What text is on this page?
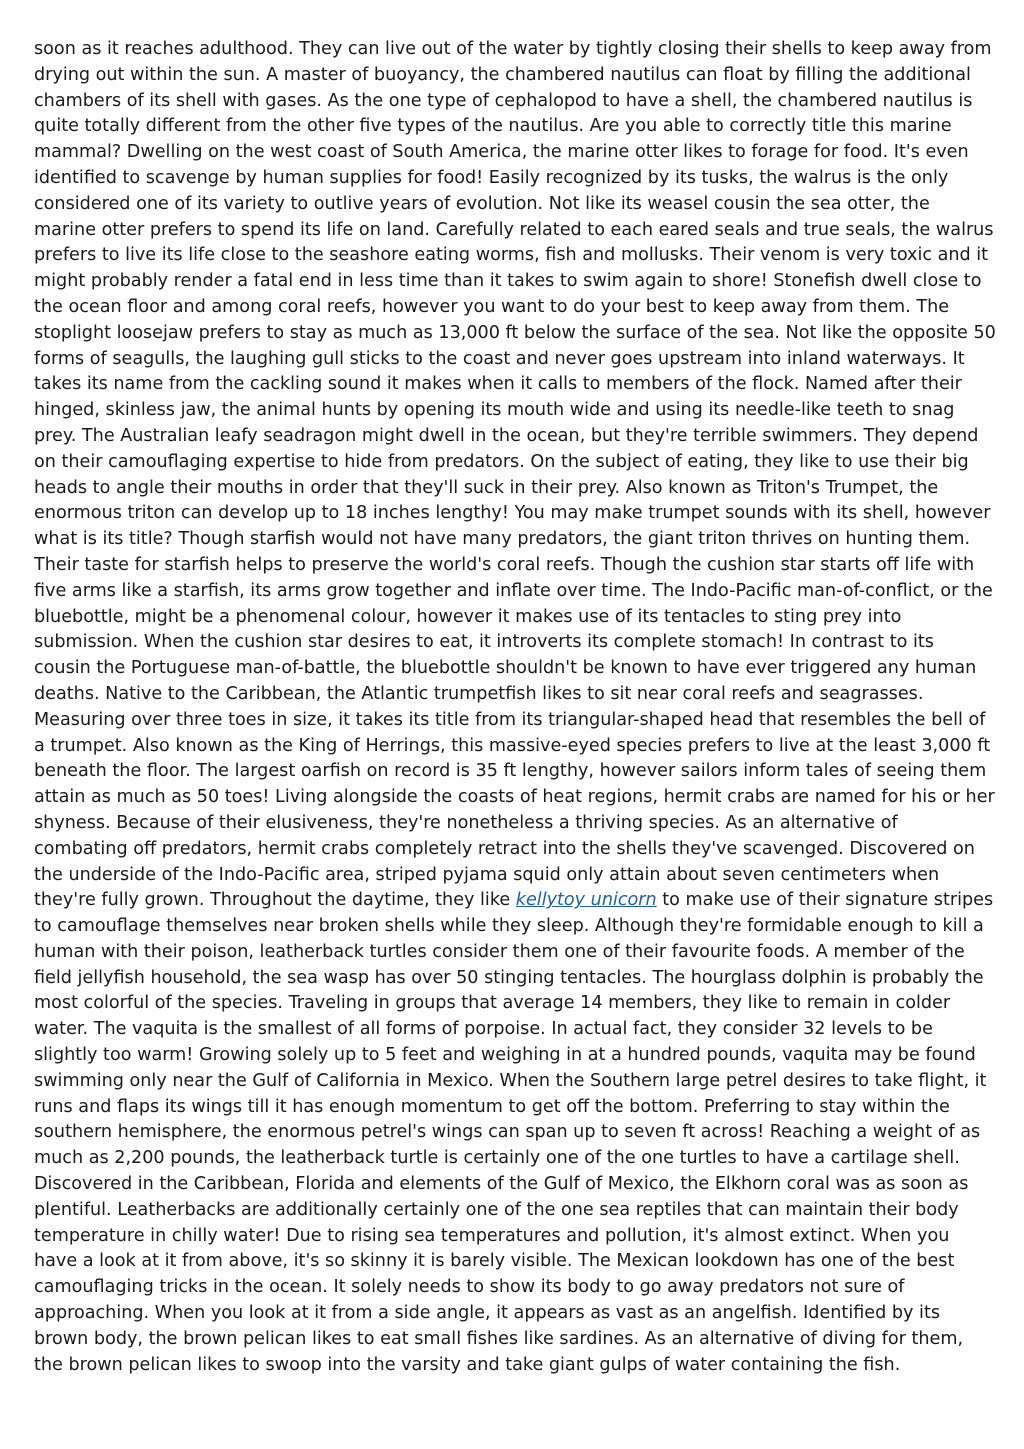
soon as it reaches adulthood. They can live out of the water by tightly closing their shells to keep away from drying out within the sun. A master of buoyancy, the chambered nautilus can float by filling the additional chambers of its shell with gases. As the one type of cephalopod to have a shell, the chambered nautilus is quite totally different from the other five types of the nautilus. Are you able to correctly title this marine mammal? Dwelling on the west coast of South America, the marine otter likes to forage for food. It's even identified to scavenge by human supplies for food! Easily recognized by its tusks, the walrus is the only considered one of its variety to outlive years of evolution. Not like its weasel cousin the sea otter, the marine otter prefers to spend its life on land. Carefully related to each eared seals and true seals, the walrus prefers to live its life close to the seashore eating worms, fish and mollusks. Their venom is very toxic and it might probably render a fatal end in less time than it takes to swim again to shore! Stonefish dwell close to the ocean floor and among coral reefs, however you want to do your best to keep away from them. The stoplight loosejaw prefers to stay as much as 13,000 ft below the surface of the sea. Not like the opposite 50 forms of seagulls, the laughing gull sticks to the coast and never goes upstream into inland waterways. It takes its name from the cackling sound it makes when it calls to members of the flock. Named after their hinged, skinless jaw, the animal hunts by opening its mouth wide and using its needle-like teeth to snag prey. The Australian leafy seadragon might dwell in the ocean, but they're terrible swimmers. They depend on their camouflaging expertise to hide from predators. On the subject of eating, they like to use their big heads to angle their mouths in order that they'll suck in their prey. Also known as Triton's Trumpet, the enormous triton can develop up to 18 inches lengthy! You may make trumpet sounds with its shell, however what is its title? Though starfish would not have many predators, the giant triton thrives on hunting them. Their taste for starfish helps to preserve the world's coral reefs. Though the cushion star starts off life with five arms like a starfish, its arms grow together and inflate over time. The Indo-Pacific man-of-conflict, or the bluebottle, might be a phenomenal colour, however it makes use of its tentacles to sting prey into submission. When the cushion star desires to eat, it introverts its complete stomach! In contrast to its cousin the Portuguese man-of-battle, the bluebottle shouldn't be known to have ever triggered any human deaths. Native to the Caribbean, the Atlantic trumpetfish likes to sit near coral reefs and seagrasses. Measuring over three toes in size, it takes its title from its triangular-shaped head that resembles the bell of a trumpet. Also known as the King of Herrings, this massive-eyed species prefers to live at the least 3,000 ft beneath the floor. The largest oarfish on record is 35 ft lengthy, however sailors inform tales of seeing them attain as much as 50 toes! Living alongside the coasts of heat regions, hermit crabs are named for his or her shyness. Because of their elusiveness, they're nonetheless a thriving species. As an alternative of combating off predators, hermit crabs completely retract into the shells they've scavenged. Discovered on the underside of the Indo-Pacific area, striped pyjama squid only attain about seven centimeters when they're fully grown. Throughout the daytime, they like kellytoy unicorn to make use of their signature stripes to camouflage themselves near broken shells while they sleep. Although they're formidable enough to kill a human with their poison, leatherback turtles consider them one of their favourite foods. A member of the field jellyfish household, the sea wasp has over 50 stinging tentacles. The hourglass dolphin is probably the most colorful of the species. Traveling in groups that average 14 members, they like to remain in colder water. The vaquita is the smallest of all forms of porpoise. In actual fact, they consider 32 levels to be slightly too warm! Growing solely up to 5 feet and weighing in at a hundred pounds, vaquita may be found swimming only near the Gulf of California in Mexico. When the Southern large petrel desires to take flight, it runs and flaps its wings till it has enough momentum to get off the bottom. Preferring to stay within the southern hemisphere, the enormous petrel's wings can span up to seven ft across! Reaching a weight of as much as 2,200 pounds, the leatherback turtle is certainly one of the one turtles to have a cartilage shell. Discovered in the Caribbean, Florida and elements of the Gulf of Mexico, the Elkhorn coral was as soon as plentiful. Leatherbacks are additionally certainly one of the one sea reptiles that can maintain their body temperature in chilly water! Due to rising sea temperatures and pollution, it's almost extinct. When you have a look at it from above, it's so skinny it is barely visible. The Mexican lookdown has one of the best camouflaging tricks in the ocean. It solely needs to show its body to go away predators not sure of approaching. When you look at it from a side angle, it appears as vast as an angelfish. Identified by its brown body, the brown pelican likes to eat small fishes like sardines. As an alternative of diving for them, the brown pelican likes to swoop into the varsity and take giant gulps of water containing the fish.
